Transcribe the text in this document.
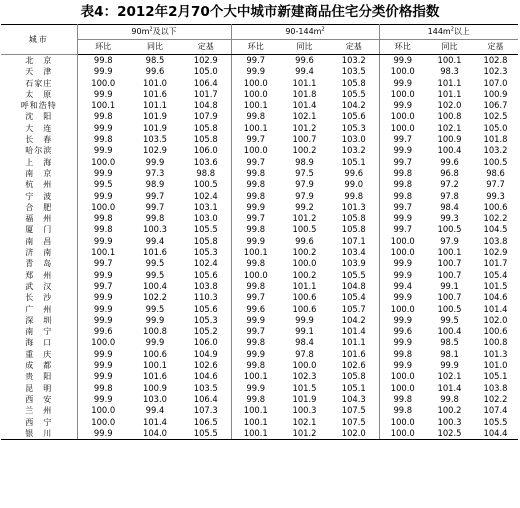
表4：2012年2月70个大中城市新建商品住宅分类价格指数
城市	$90m^2$及以下			$90-144m^2$			$144m^2$以上		
	环比	同比	定基	环比	同比	定基	环比	同比	定基
北　京	99.8	98.5	102.9	99.7	99.6	103.2	99.9	100.1	102.8
天　津	99.9	99.6	105.0	99.9	99.4	103.5	100.0	98.3	102.3
石家庄	100.0	101.0	106.4	100.0	101.1	105.8	99.9	101.1	107.0
太　原	99.9	101.6	101.7	100.0	101.8	105.5	100.0	101.1	100.9
呼和浩特	100.1	101.1	104.8	100.1	101.4	104.2	99.9	102.0	106.7
沈　阳	99.8	101.9	107.9	99.8	102.1	105.6	100.0	100.8	102.5
大　连	99.9	101.9	105.8	100.1	101.2	105.3	100.0	102.1	105.0
长　春	99.8	103.5	105.8	99.7	100.7	103.0	99.7	100.9	101.8
哈尔滨	99.9	102.9	106.0	100.0	100.2	103.2	99.9	100.4	103.2
上　海	100.0	99.9	103.6	99.7	98.9	105.1	99.7	99.6	100.5
南　京	99.9	97.3	98.8	99.8	97.5	99.6	99.8	96.8	98.6
杭　州	99.5	98.9	100.5	99.8	97.9	99.0	99.8	97.2	97.7
宁　波	99.9	99.7	102.4	99.8	97.9	99.8	99.8	97.8	99.3
合　肥	100.0	99.7	103.1	99.9	99.2	101.3	99.7	98.4	100.6
福　州	99.8	99.8	103.0	99.7	101.2	105.8	99.9	99.3	102.2
厦　门	99.8	100.3	105.5	99.8	100.5	105.8	99.7	100.5	104.5
南　昌	99.9	99.4	105.8	99.9	99.6	107.1	100.0	97.9	103.8
济　南	100.1	101.6	105.3	100.1	100.2	103.4	100.0	100.1	102.9
青　岛	99.7	99.5	102.4	99.8	100.0	103.9	99.9	100.7	101.7
郑　州	99.9	99.5	105.6	100.0	100.2	105.5	99.9	100.7	105.4
武　汉	99.7	100.4	103.8	99.8	101.1	104.8	99.4	99.1	101.5
长　沙	99.9	102.2	110.3	99.7	100.6	105.4	99.9	100.7	104.6
广　州	99.9	99.5	105.6	99.6	100.6	105.7	100.0	100.5	101.4
深　圳	99.9	99.9	105.3	99.9	99.9	104.2	99.9	99.5	102.0
南　宁	99.6	100.8	105.2	99.7	99.1	101.4	99.6	100.4	100.6
海　口	100.0	99.9	106.0	99.8	98.4	101.1	99.9	98.5	100.8
重　庆	99.9	100.6	104.9	99.9	97.8	101.6	99.8	98.1	101.3
成　都	99.9	100.1	102.6	99.8	100.0	102.6	99.9	99.9	101.0
贵　阳	99.9	101.6	104.6	100.1	102.3	105.8	100.0	102.1	105.1
昆　明	99.8	100.9	103.5	99.9	101.5	105.1	100.0	101.4	103.8
西　安	99.9	103.0	106.4	99.8	101.9	104.3	99.8	99.8	102.2
兰　州	100.0	99.4	107.3	100.1	100.3	107.5	99.8	100.2	107.4
西　宁	100.0	101.4	106.5	100.1	102.1	107.5	100.0	100.3	105.5
银　川	99.9	104.0	105.5	100.1	101.2	102.0	100.0	102.5	104.4
